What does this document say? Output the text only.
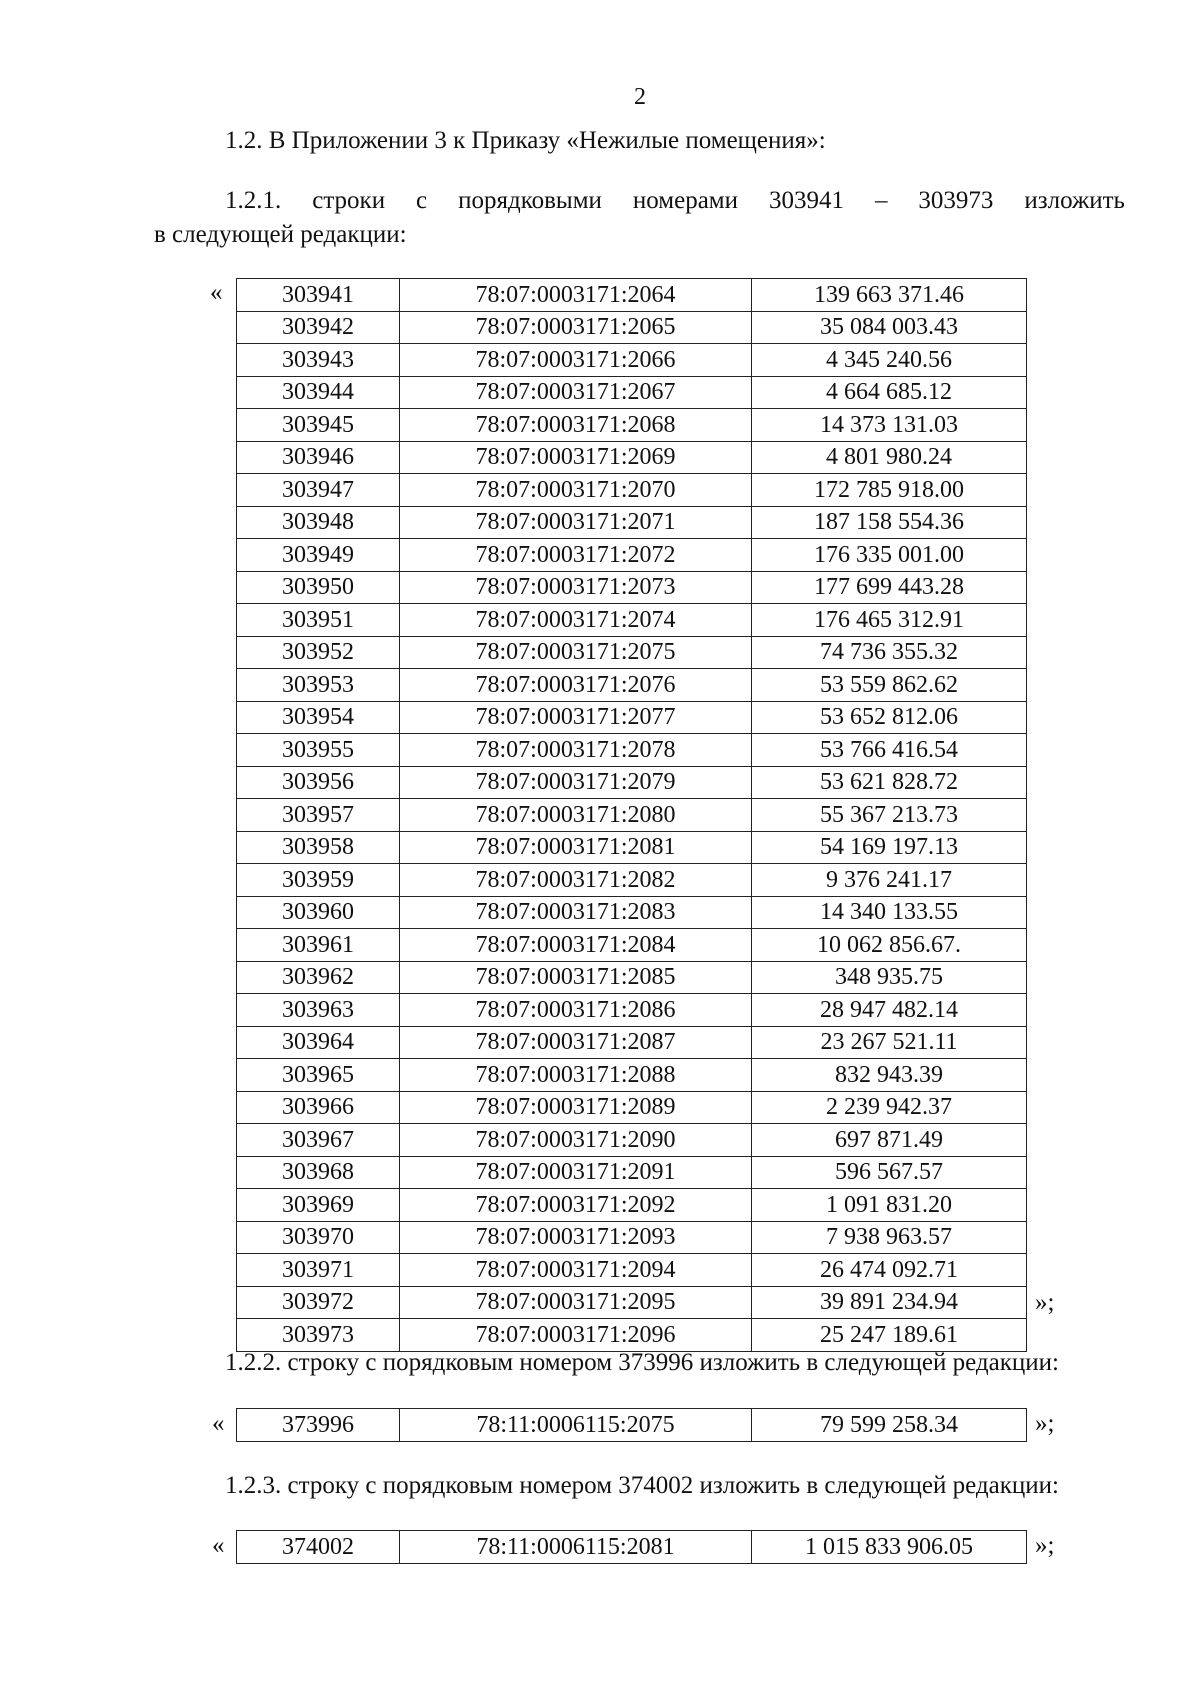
2
1.2. В Приложении 3 к Приказу «Нежилые помещения»:
1.2.1. строки с порядковыми номерами 303941 – 303973 изложить
в следующей редакции:
« 303941	78:07:0003171:2064	139 663 371.46
303942	78:07:0003171:2065	35 084 003.43
303943	78:07:0003171:2066	4 345 240.56
303944	78:07:0003171:2067	4 664 685.12
303945	78:07:0003171:2068	14 373 131.03
303946	78:07:0003171:2069	4 801 980.24
303947	78:07:0003171:2070	172 785 918.00
303948	78:07:0003171:2071	187 158 554.36
303949	78:07:0003171:2072	176 335 001.00
303950	78:07:0003171:2073	177 699 443.28
303951	78:07:0003171:2074	176 465 312.91
303952	78:07:0003171:2075	74 736 355.32
303953	78:07:0003171:2076	53 559 862.62
303954	78:07:0003171:2077	53 652 812.06
303955	78:07:0003171:2078	53 766 416.54
303956	78:07:0003171:2079	53 621 828.72
303957	78:07:0003171:2080	55 367 213.73
303958	78:07:0003171:2081	54 169 197.13
303959	78:07:0003171:2082	9 376 241.17
303960	78:07:0003171:2083	14 340 133.55
303961	78:07:0003171:2084	10 062 856.67.
303962	78:07:0003171:2085	348 935.75
303963	78:07:0003171:2086	28 947 482.14
303964	78:07:0003171:2087	23 267 521.11
303965	78:07:0003171:2088	832 943.39
303966	78:07:0003171:2089	2 239 942.37
303967	78:07:0003171:2090	697 871.49
303968	78:07:0003171:2091	596 567.57
303969	78:07:0003171:2092	1 091 831.20
303970	78:07:0003171:2093	7 938 963.57
303971	78:07:0003171:2094	26 474 092.71
303972	78:07:0003171:2095	39 891 234.94
303973	78:07:0003171:2096	25 247 189.61
»;
1.2.2. строку с порядковым номером 373996 изложить в следующей редакции:
« 373996	78:11:0006115:2075	79 599 258.34	»;
1.2.3. строку с порядковым номером 374002 изложить в следующей редакции:
« 374002	78:11:0006115:2081	1 015 833 906.05 »;
